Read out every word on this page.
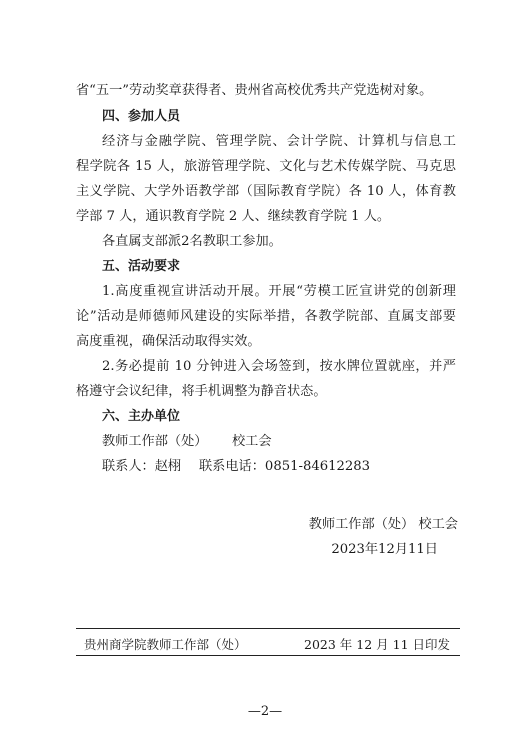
省“五一”劳动奖章获得者、贵州省高校优秀共产党选树对象。
四、参加人员
经济与金融学院、管理学院、会计学院、计算机与信息工
程学院各 15 人，旅游管理学院、文化与艺术传媒学院、马克思
主义学院、大学外语教学部（国际教育学院）各 10 人，体育教
学部 7 人，通识教育学院 2 人、继续教育学院 1 人。
各直属支部派2名教职工参加。
五、活动要求
1.高度重视宣讲活动开展。开展“劳模工匠宣讲党的创新理
论”活动是师德师风建设的实际举措，各教学院部、直属支部要
高度重视，确保活动取得实效。
2.务必提前 10 分钟进入会场签到，按水牌位置就座，并严
格遵守会议纪律，将手机调整为静音状态。
六、主办单位
教师工作部（处） 校工会
联系人：赵栩 联系电话：0851-84612283
教师工作部（处） 校工会
2023年12月11日
贵州商学院教师工作部（处）	2023 年 12 月 11 日印发
—2—
